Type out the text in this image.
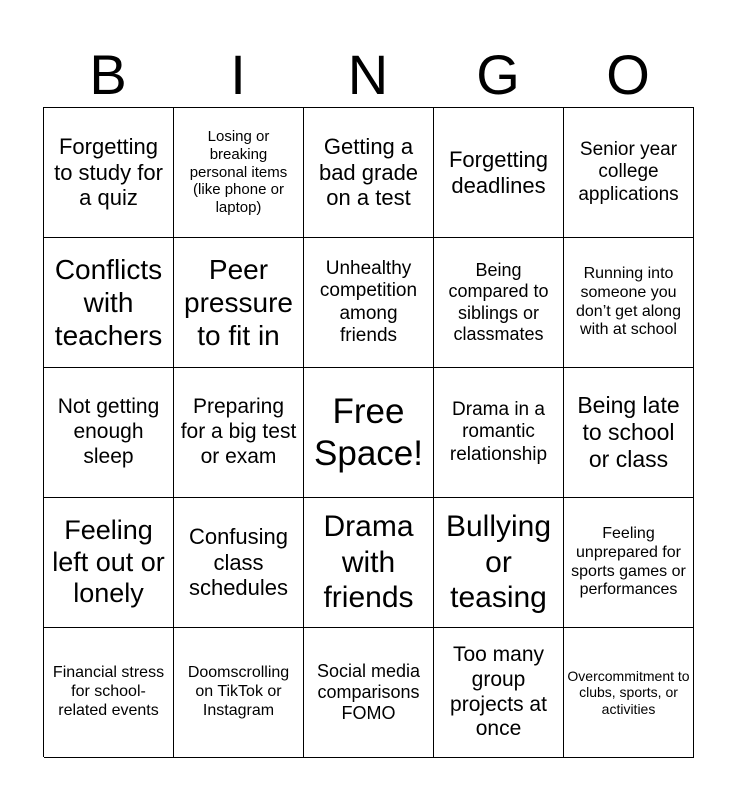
B	I	N	G	O
Forgetting to study for a quiz
Losing or breaking personal items (like phone or laptop)
Getting a bad grade on a test
Forgetting deadlines
Senior year college applications
Conflicts with teachers
Peer pressure to fit in
Unhealthy competition among friends
Being compared to siblings or classmates
Running into someone you don’t get along with at school
Not getting enough sleep
Preparing for a big test or exam
Free Space!
Drama in a romantic relationship
Being late to school or class
Feeling left out or lonely
Confusing class schedules
Drama with friends
Bullying or teasing
Feeling unprepared for sports games or performances
Financial stress for school-related events
Doomscrolling on TikTok or Instagram
Social media comparisons FOMO
Too many group projects at once
Overcommitment to clubs, sports, or activities
